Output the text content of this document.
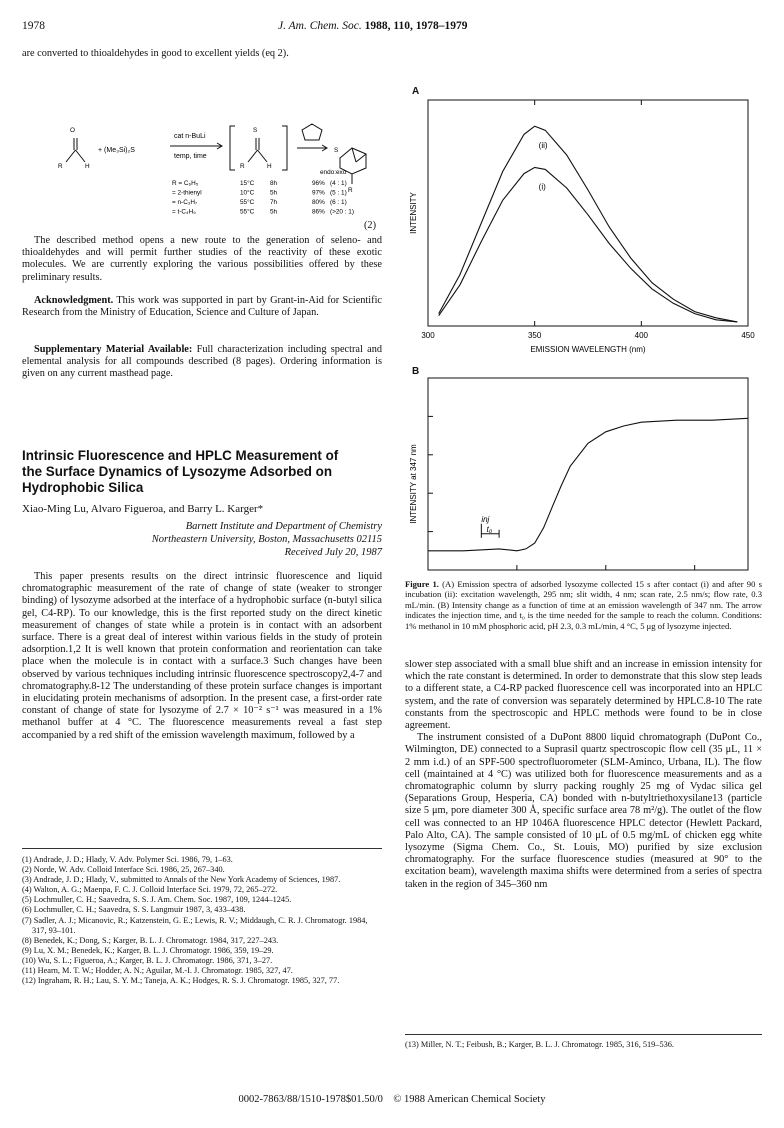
1978	J. Am. Chem. Soc. 1988, 110, 1978–1979

are converted to thioaldehydes in good to excellent yields (eq 2).

O
R	H
+ (Me₃Si)₂S
cat n-BuLi
temp, time
S
R	H
S
R
endo:exo
R = C₆H₅	15°C 8h	96% (4 : 1)
= 2-thienyl	10°C 5h	97% (5 : 1)
= n-C₃H₇	55°C 7h	80% (6 : 1)
= t-C₄H₉	55°C 5h	86% (>20 : 1)
(2)

The described method opens a new route to the generation of seleno- and thioaldehydes and will permit further studies of the reactivity of these exotic molecules. We are currently exploring the various possibilities offered by these preliminary results.

Acknowledgment. This work was supported in part by Grant-in-Aid for Scientific Research from the Ministry of Education, Science and Culture of Japan.

Supplementary Material Available: Full characterization including spectral and elemental analysis for all compounds described (8 pages). Ordering information is given on any current masthead page.

Intrinsic Fluorescence and HPLC Measurement of the Surface Dynamics of Lysozyme Adsorbed on Hydrophobic Silica
Xiao-Ming Lu, Alvaro Figueroa, and Barry L. Karger*
Barnett Institute and Department of Chemistry
Northeastern University, Boston, Massachusetts 02115
Received July 20, 1987

This paper presents results on the direct intrinsic fluorescence and liquid chromatographic measurement of the rate of change of state (weaker to stronger binding) of lysozyme adsorbed at the interface of a hydrophobic surface (n-butyl silica gel, C4-RP). To our knowledge, this is the first reported study on the direct kinetic measurement of changes of state while a protein is in contact with an adsorbent surface. There is a great deal of interest within various fields in the study of protein adsorption.1,2 It is well known that protein conformation and reorientation can take place when the molecule is in contact with a surface.3 Such changes have been observed by various techniques including intrinsic fluorescence spectroscopy2,4-7 and chromatography.8-12 The understanding of these protein surface changes is important in elucidating protein mechanisms of adsorption. In the present case, a first-order rate constant of change of state for lysozyme of 2.7 × 10⁻² s⁻¹ was measured in a 1% methanol buffer at 4 °C. The fluorescence measurements reveal a fast step accompanied by a red shift of the emission wavelength maximum, followed by a

(1) Andrade, J. D.; Hlady, V. Adv. Polymer Sci. 1986, 79, 1–63.
(2) Norde, W. Adv. Colloid Interface Sci. 1986, 25, 267–340.
(3) Andrade, J. D.; Hlady, V., submitted to Annals of the New York Academy of Sciences, 1987.
(4) Walton, A. G.; Maenpa, F. C. J. Colloid Interface Sci. 1979, 72, 265–272.
(5) Lochmuller, C. H.; Saavedra, S. S. J. Am. Chem. Soc. 1987, 109, 1244–1245.
(6) Lochmuller, C. H.; Saavedra, S. S. Langmuir 1987, 3, 433–438.
(7) Sadler, A. J.; Micanovic, R.; Katzenstein, G. E.; Lewis, R. V.; Middaugh, C. R. J. Chromatogr. 1984, 317, 93–101.
(8) Benedek, K.; Dong, S.; Karger, B. L. J. Chromatogr. 1984, 317, 227–243.
(9) Lu, X. M.; Benedek, K.; Karger, B. L. J. Chromatogr. 1986, 359, 19–29.
(10) Wu, S. L.; Figueroa, A.; Karger, B. L. J. Chromatogr. 1986, 371, 3–27.
(11) Hearn, M. T. W.; Hodder, A. N.; Aguilar, M.-I. J. Chromatogr. 1985, 327, 47.
(12) Ingraham, R. H.; Lau, S. Y. M.; Taneja, A. K.; Hodges, R. S. J. Chromatogr. 1985, 327, 77.
A
300	350	400	450
EMISSION WAVELENGTH (nm)
INTENSITY
(ii)
(i)
B
INTENSITY at 347 nm	inj
t₀
Figure 1. (A) Emission spectra of adsorbed lysozyme collected 15 s after contact (i) and after 90 s incubation (ii): excitation wavelength, 295 nm; slit width, 4 nm; scan rate, 2.5 nm/s; flow rate, 0.3 mL/min. (B) Intensity change as a function of time at an emission wavelength of 347 nm. The arrow indicates the injection time, and t₀ is the time needed for the sample to reach the column. Conditions: 1% methanol in 10 mM phosphoric acid, pH 2.3, 0.3 mL/min, 4 °C, 5 μg of lysozyme injected.

slower step associated with a small blue shift and an increase in emission intensity for which the rate constant is determined. In order to demonstrate that this slow step leads to a different state, a C4-RP packed fluorescence cell was incorporated into an HPLC system, and the rate of conversion was separately determined by HPLC.8-10 The rate constants from the spectroscopic and HPLC methods were found to be in close agreement.

The instrument consisted of a DuPont 8800 liquid chromatograph (DuPont Co., Wilmington, DE) connected to a Suprasil quartz spectroscopic flow cell (35 μL, 11 × 2 mm i.d.) of an SPF-500 spectrofluorometer (SLM-Aminco, Urbana, IL). The flow cell (maintained at 4 °C) was utilized both for fluorescence measurements and as a chromatographic column by slurry packing roughly 25 mg of Vydac silica gel (Separations Group, Hesperia, CA) bonded with n-butyltriethoxysilane13 (particle size 5 μm, pore diameter 300 Å, specific surface area 78 m²/g). The outlet of the flow cell was connected to an HP 1046A fluorescence HPLC detector (Hewlett Packard, Palo Alto, CA). The sample consisted of 10 μL of 0.5 mg/mL of chicken egg white lysozyme (Sigma Chem. Co., St. Louis, MO) purified by size exclusion chromatography. For the surface fluorescence studies (measured at 90° to the excitation beam), wavelength maxima shifts were determined from a series of spectra taken in the region of 345–360 nm

(13) Miller, N. T.; Feibush, B.; Karger, B. L. J. Chromatogr. 1985, 316, 519–536.
0002-7863/88/1510-1978$01.50/0 © 1988 American Chemical Society
